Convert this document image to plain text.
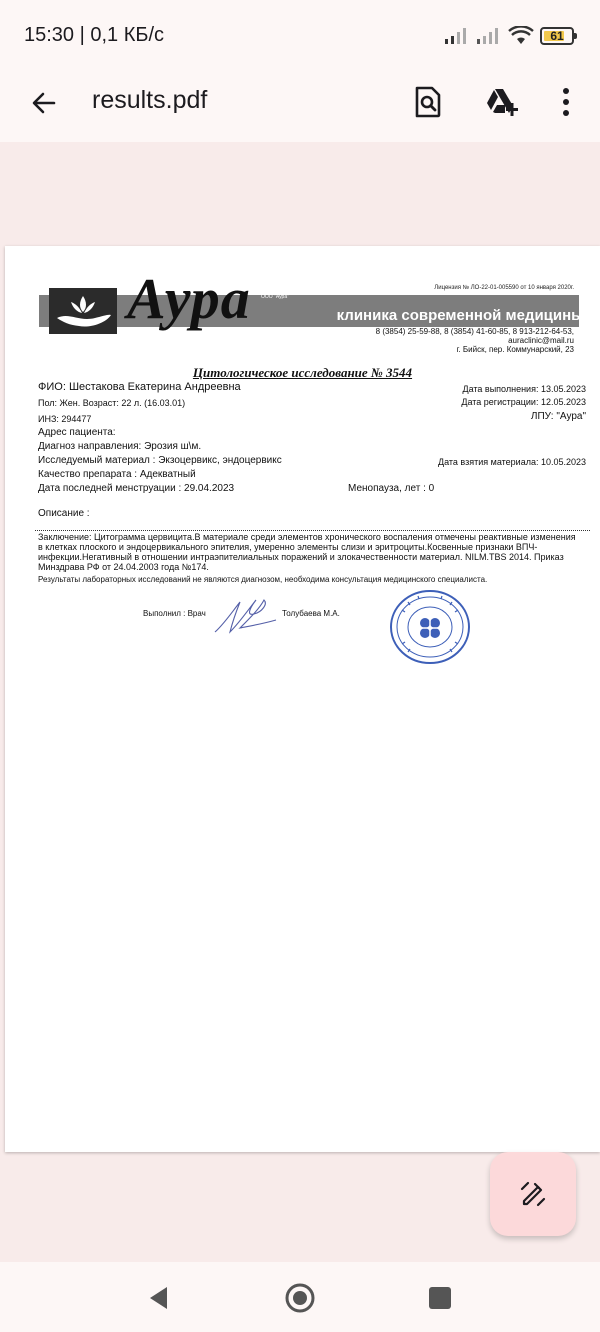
15:30 | 0,1 КБ/с	61
results.pdf
Лицензия № ЛО-22-01-005590 от 10 января 2020г.
Аура ООО "Аура"
клиника современной медицины
8 (3854) 25-59-88, 8 (3854) 41-60-85, 8 913-212-64-53,
auraclinic@mail.ru
г. Бийск, пер. Коммунарский, 23
Цитологическое исследование № 3544
ФИО: Шестакова Екатерина Андреевна
Пол: Жен. Возраст: 22 л. (16.03.01)
ИНЗ: 294477
Адрес пациента:
Диагноз направления: Эрозия ш\м.
Исследуемый материал : Экзоцервикс, эндоцервикс
Качество препарата : Адекватный
Дата последней менструации : 29.04.2023	Менопауза, лет : 0
Описание :
Дата выполнения: 13.05.2023
Дата регистрации: 12.05.2023
ЛПУ: "Аура"
Дата взятия материала: 10.05.2023
Заключение: Цитограмма цервицита.В материале среди элементов хронического воспаления отмечены реактивные изменения в клетках плоского и эндоцервикального эпителия, умеренно элементы слизи и эритроциты.Косвенные признаки ВПЧ-инфекции.Негативный в отношении интраэпителиальных поражений и злокачественности материал. NILM.TBS 2014. Приказ Минздрава РФ от 24.04.2003 года №174.
Результаты лабораторных исследований не являются диагнозом, необходима консультация медицинского специалиста.
Выполнил : Врач	Толубаева М.А.
